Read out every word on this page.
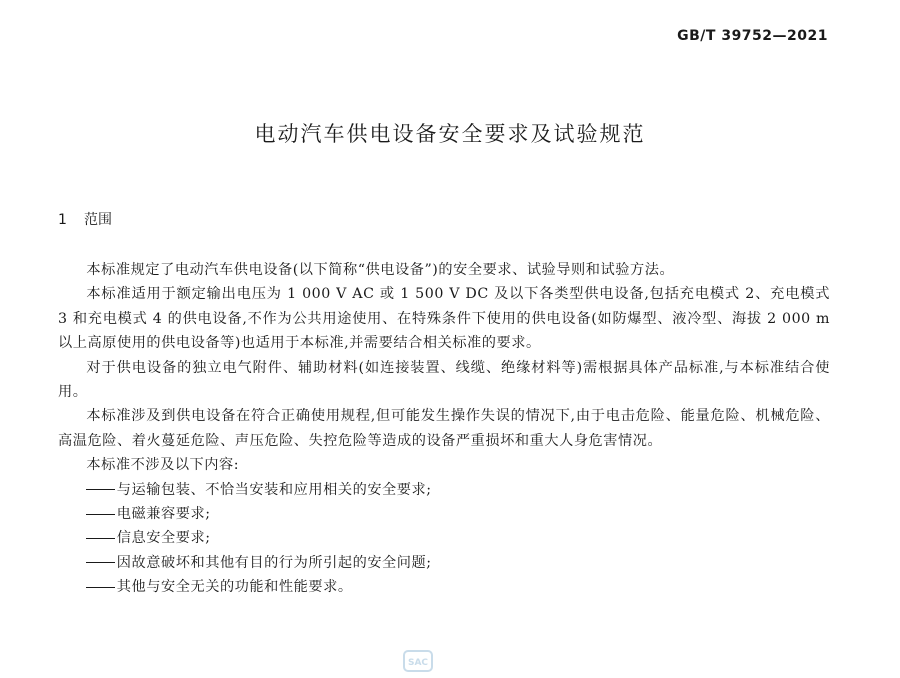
GB/T 39752—2021
电动汽车供电设备安全要求及试验规范
1 范围

本标准规定了电动汽车供电设备(以下简称“供电设备”)的安全要求、试验导则和试验方法。

本标准适用于额定输出电压为 1 000 V AC 或 1 500 V DC 及以下各类型供电设备,包括充电模式 2、充电模式 3 和充电模式 4 的供电设备,不作为公共用途使用、在特殊条件下使用的供电设备(如防爆型、液冷型、海拔 2 000 m 以上高原使用的供电设备等)也适用于本标准,并需要结合相关标准的要求。

对于供电设备的独立电气附件、辅助材料(如连接装置、线缆、绝缘材料等)需根据具体产品标准,与本标准结合使用。

本标准涉及到供电设备在符合正确使用规程,但可能发生操作失误的情况下,由于电击危险、能量危险、机械危险、高温危险、着火蔓延危险、声压危险、失控危险等造成的设备严重损坏和重大人身危害情况。

本标准不涉及以下内容:

与运输包装、不恰当安装和应用相关的安全要求;
电磁兼容要求;
信息安全要求;
因故意破坏和其他有目的行为所引起的安全问题;
其他与安全无关的功能和性能要求。
SAC
